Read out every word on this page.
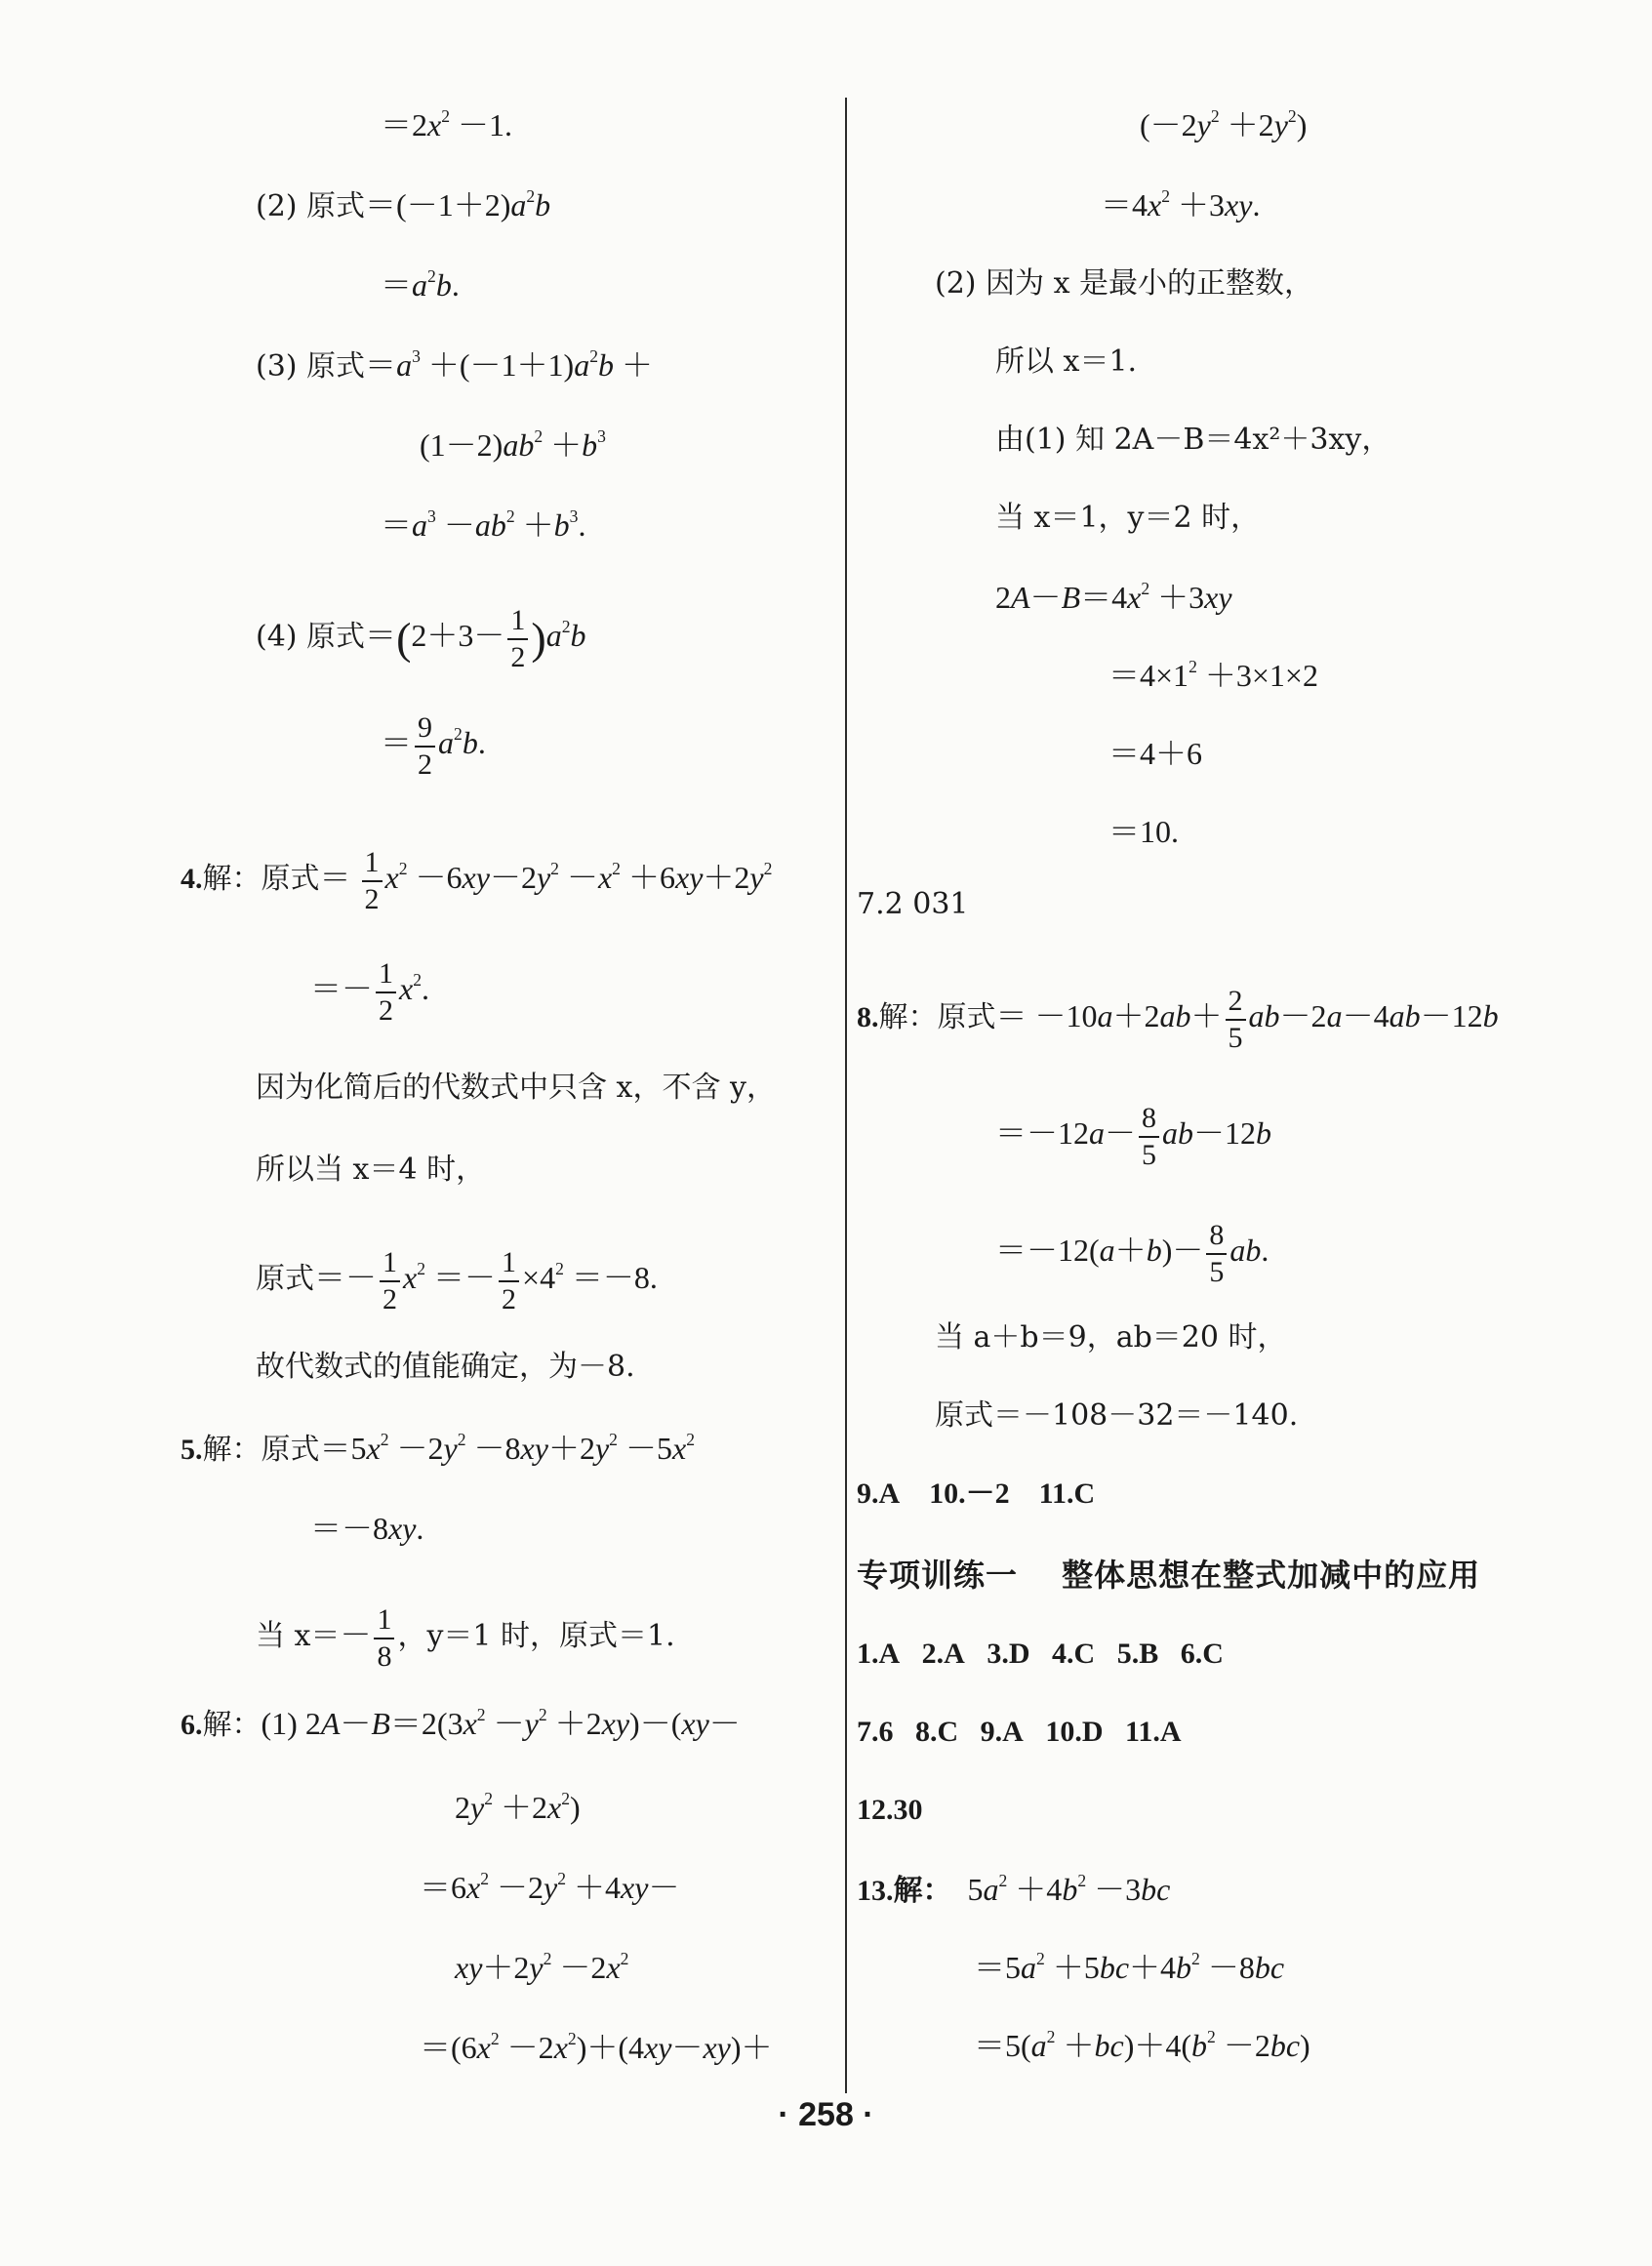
$=2x^2 -1$.
(2) 原式$=(-1+2)a^2b$
$=a^2b$.
(3) 原式$=a^3 +(-1+1)a^2b$ ＋
$(1-2)ab^2 +b^3$
$=a^3 -ab^2 +b^3$.
(4) 原式$=(2+3- \frac{1}{2} )a^2b$
＝ $\frac{9}{2} a^2b$.
4.解：原式＝ $\frac{1}{2} x^2 -6xy-2y^2 -x^2 +6xy+2y^2$
＝－ $\frac{1}{2} x^2$.
因为化简后的代数式中只含 x，不含 y，
所以当 x＝4 时，
原式＝－ $\frac{1}{2} x^2 =- \frac{1}{2} \times 4^2 =-8$.
故代数式的值能确定，为－8.
5.解：原式$=5x^2 -2y^2 -8xy+2y^2 -5x^2$
＝－8xy.
当 $x=- \frac{1}{8}$ ，y＝1 时，原式＝1.
6.解：(1) $2A-B=2(3x^2 -y^2 +2xy)-(xy-$
$2y^2 +2x^2$)
$=6x^2 -2y^2 +4xy-$
$xy+2y^2 -2x^2$
$=(6x^2 -2x^2)+(4xy-xy)+$
$(-2y^2 +2y^2)$
$=4x^2 +3xy$.
(2) 因为 x 是最小的正整数，
所以 x＝1.
由(1) 知 2A－B＝4x²＋3xy，
当 x＝1，y＝2 时，
$2A-B=4x^2 +3xy$
$=4\times 1^2 +3\times 1\times 2$
＝4＋6
＝10.
7.2 031
8.解：原式＝ $-10a+2ab+ \frac{2}{5} ab-2a-4ab-12b$
$=-12a- \frac{8}{5} ab-12b$
$=-12(a+b)- \frac{8}{5}$ ab.
当 a＋b＝9，ab＝20 时，
原式＝－108－32＝－140.
9.A 10.－2 11.C
专项训练一　 整体思想在整式加减中的应用
1.A 2.A 3.D 4.C 5.B 6.C
7.6 8.C 9.A 10.D 11.A
12.30
13.解：  $5a^2 +4b^2 -3bc$
$=5a^2 +5bc+4b^2 -8bc$
$=5(a^2 +bc)+4(b^2 -2bc)$
· 258 ·
